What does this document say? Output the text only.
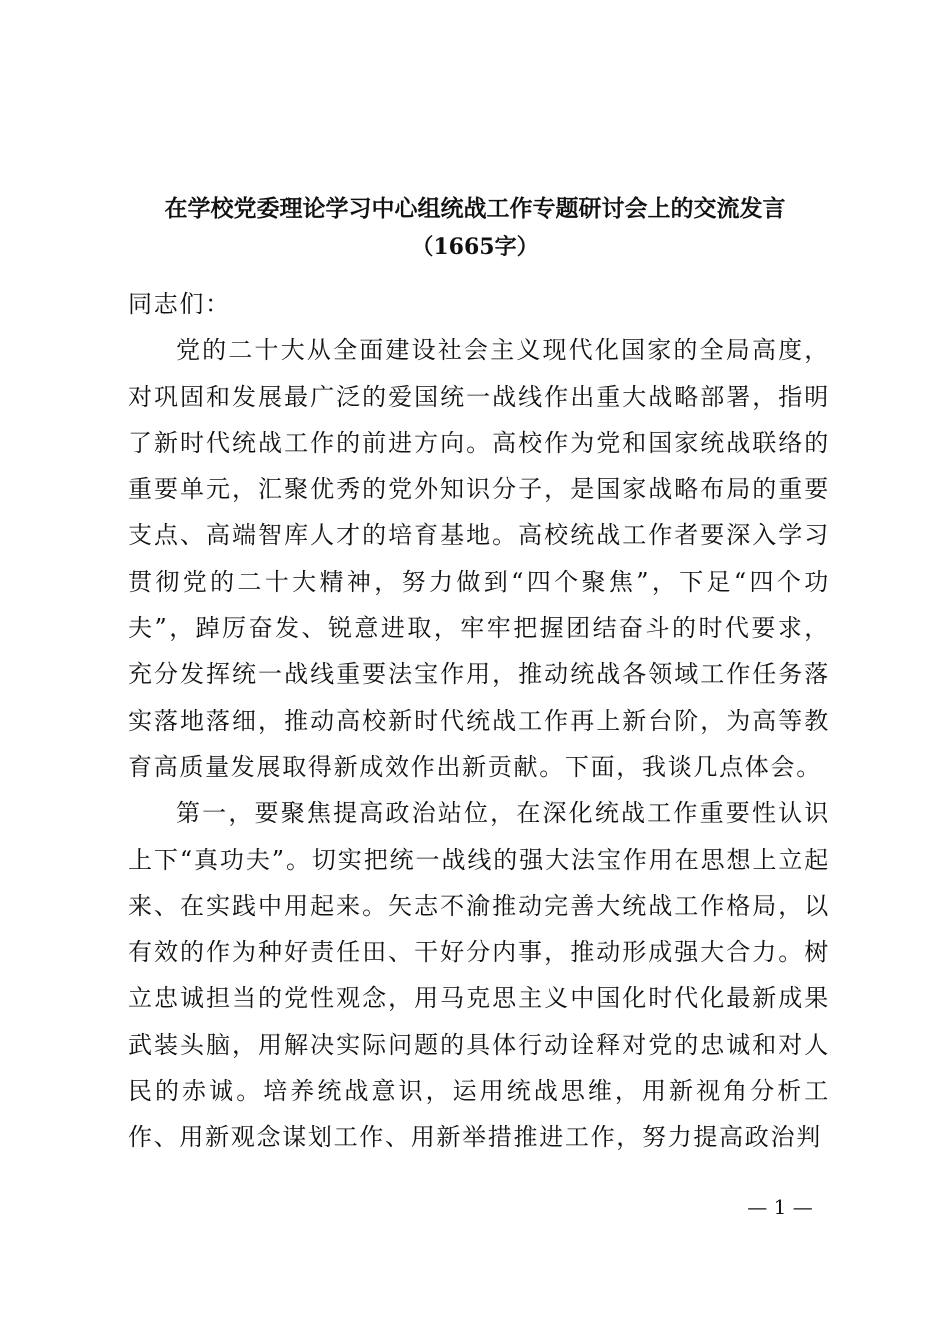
在学校党委理论学习中心组统战工作专题研讨会上的交流发言
（1665字）

同志们：

党的二十大从全面建设社会主义现代化国家的全局高度，对巩固和发展最广泛的爱国统一战线作出重大战略部署，指明了新时代统战工作的前进方向。高校作为党和国家统战联络的重要单元，汇聚优秀的党外知识分子，是国家战略布局的重要支点、高端智库人才的培育基地。高校统战工作者要深入学习贯彻党的二十大精神，努力做到“四个聚焦”，下足“四个功夫”，踔厉奋发、锐意进取，牢牢把握团结奋斗的时代要求，充分发挥统一战线重要法宝作用，推动统战各领域工作任务落实落地落细，推动高校新时代统战工作再上新台阶，为高等教育高质量发展取得新成效作出新贡献。下面，我谈几点体会。

第一，要聚焦提高政治站位，在深化统战工作重要性认识上下“真功夫”。切实把统一战线的强大法宝作用在思想上立起来、在实践中用起来。矢志不渝推动完善大统战工作格局，以有效的作为种好责任田、干好分内事，推动形成强大合力。树立忠诚担当的党性观念，用马克思主义中国化时代化最新成果武装头脑，用解决实际问题的具体行动诠释对党的忠诚和对人民的赤诚。培养统战意识，运用统战思维，用新视角分析工作、用新观念谋划工作、用新举措推进工作，努力提高政治判

— 1 —
